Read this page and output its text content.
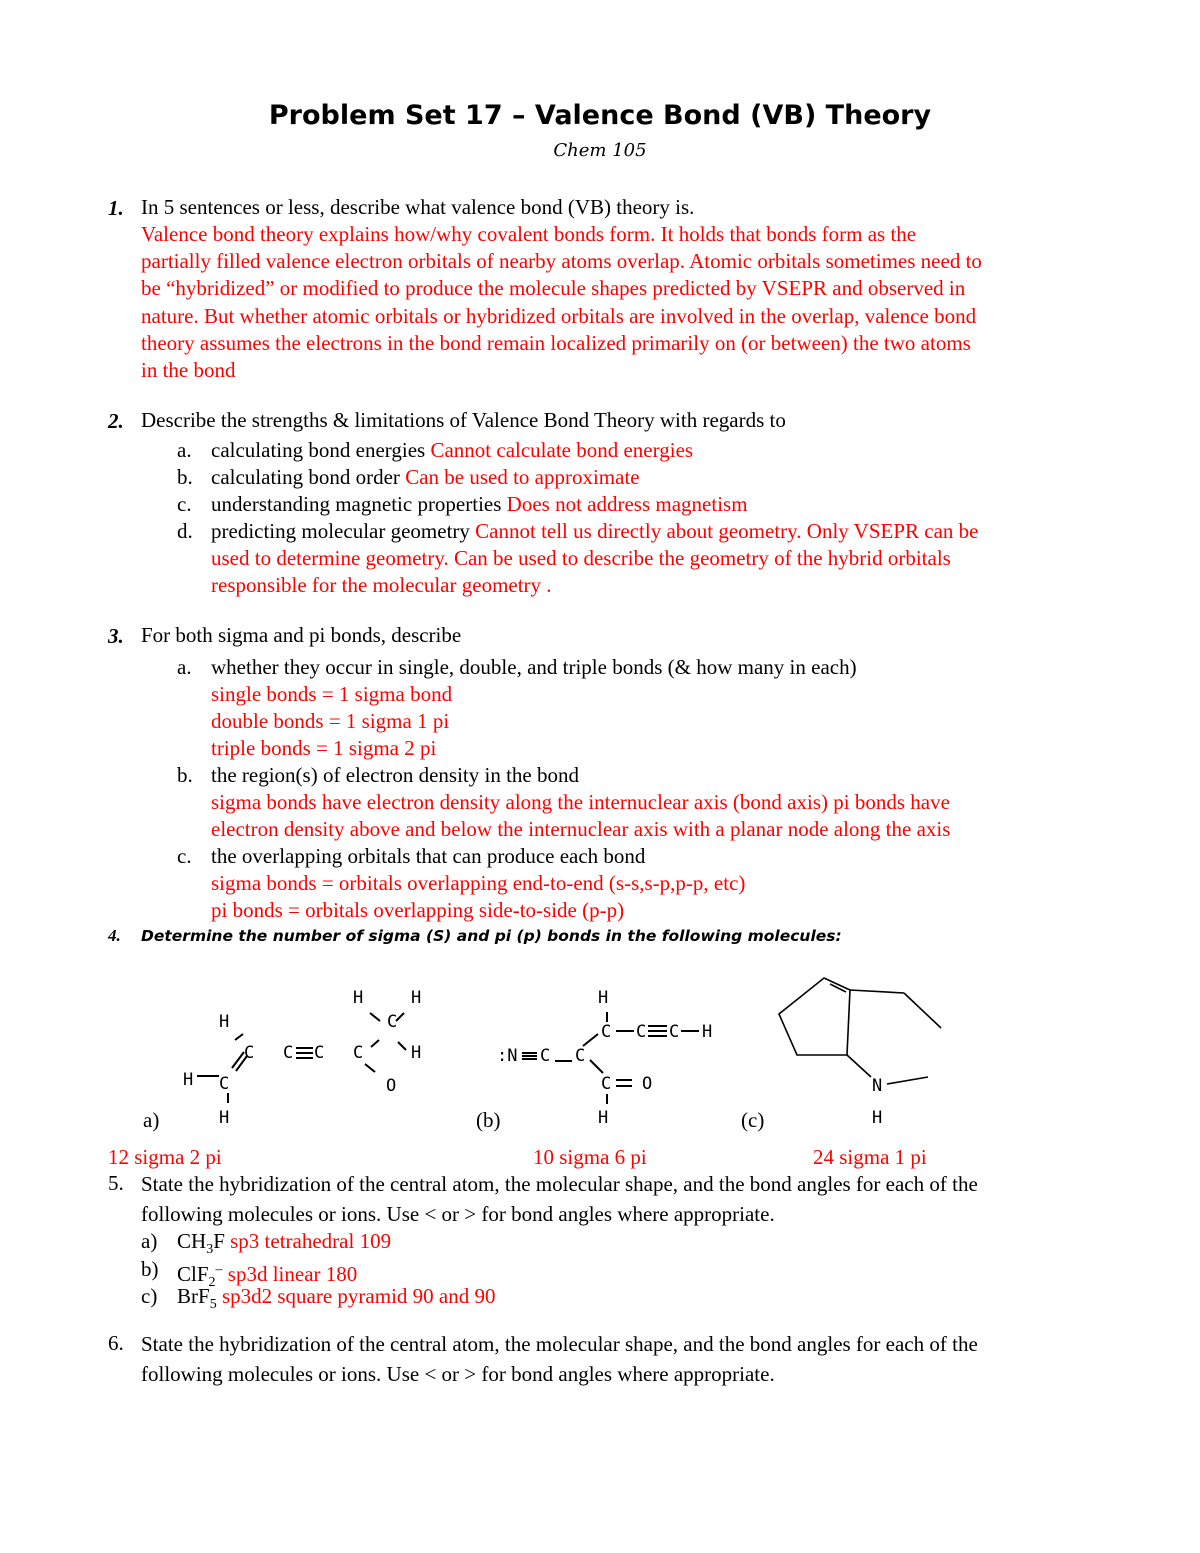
Problem Set 17 – Valence Bond (VB) Theory
Chem 105
1. In 5 sentences or less, describe what valence bond (VB) theory is.
Valence bond theory explains how/why covalent bonds form. It holds that bonds form as the
partially filled valence electron orbitals of nearby atoms overlap. Atomic orbitals sometimes need to
be “hybridized” or modified to produce the molecule shapes predicted by VSEPR and observed in
nature. But whether atomic orbitals or hybridized orbitals are involved in the overlap, valence bond
theory assumes the electrons in the bond remain localized primarily on (or between) the two atoms
in the bond
2. Describe the strengths & limitations of Valence Bond Theory with regards to
a. calculating bond energies Cannot calculate bond energies
b. calculating bond order Can be used to approximate
c. understanding magnetic properties Does not address magnetism
d. predicting molecular geometry Cannot tell us directly about geometry. Only VSEPR can be
used to determine geometry. Can be used to describe the geometry of the hybrid orbitals
responsible for the molecular geometry .
3. For both sigma and pi bonds, describe
a. whether they occur in single, double, and triple bonds (& how many in each)
single bonds = 1 sigma bond
double bonds = 1 sigma 1 pi
triple bonds = 1 sigma 2 pi
b. the region(s) of electron density in the bond
sigma bonds have electron density along the internuclear axis (bond axis) pi bonds have
electron density above and below the internuclear axis with a planar node along the axis
c. the overlapping orbitals that can produce each bond
sigma bonds = orbitals overlapping end-to-end (s-s,s-p,p-p, etc)
pi bonds = orbitals overlapping side-to-side (p-p)
4. Determine the number of sigma (S) and pi (p) bonds in the following molecules:
H
C
H C
H
C C
H	H
C
C	H
O
a)
H
C C C H
:N C C
C O
H
(b)
N
H
(c)
12 sigma 2 pi	10 sigma 6 pi	24 sigma 1 pi
5. State the hybridization of the central atom, the molecular shape, and the bond angles for each of the
following molecules or ions. Use < or > for bond angles where appropriate.
a) $CH_3F$ sp3 tetrahedral 109
b) ClF$_2$– sp3d linear 180
c) BrF$_5$ sp3d2 square pyramid 90 and 90
6. State the hybridization of the central atom, the molecular shape, and the bond angles for each of the
following molecules or ions. Use < or > for bond angles where appropriate.
